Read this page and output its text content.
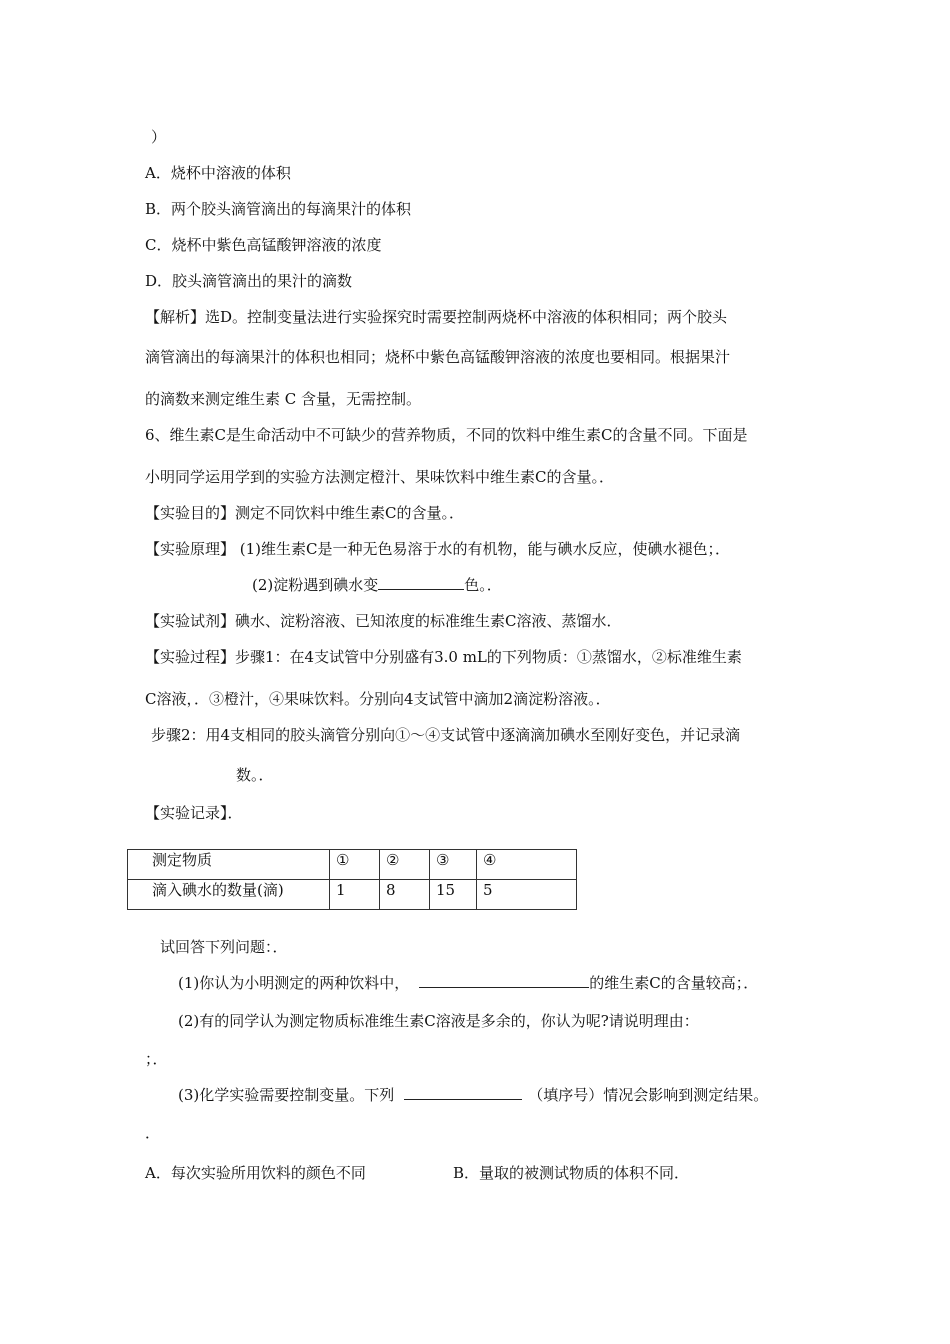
）
A．烧杯中溶液的体积
B．两个胶头滴管滴出的每滴果汁的体积
C．烧杯中紫色高锰酸钾溶液的浓度
D．胶头滴管滴出的果汁的滴数
【解析】选D。控制变量法进行实验探究时需要控制两烧杯中溶液的体积相同；两个胶头
滴管滴出的每滴果汁的体积也相同；烧杯中紫色高锰酸钾溶液的浓度也要相同。根据果汁
的滴数来测定维生素 C 含量，无需控制。
6、维生素C是生命活动中不可缺少的营养物质，不同的饮料中维生素C的含量不同。下面是
小明同学运用学到的实验方法测定橙汁、果味饮料中维生素C的含量。．
【实验目的】测定不同饮料中维生素C的含量。．
【实验原理】 (1)维生素C是一种无色易溶于水的有机物，能与碘水反应，使碘水褪色；．
(2)淀粉遇到碘水变	色。．
【实验试剂】碘水、淀粉溶液、已知浓度的标准维生素C溶液、蒸馏水．
【实验过程】步骤1：在4支试管中分别盛有3.0 mL的下列物质：①蒸馏水，②标准维生素
C溶液，．③橙汁，④果味饮料。分别向4支试管中滴加2滴淀粉溶液。．
步骤2：用4支相同的胶头滴管分别向①～④支试管中逐滴滴加碘水至刚好变色，并记录滴
数。．
【实验记录】．
测定物质	①	②	③	④
滴入碘水的数量(滴)	1	8	15	5
试回答下列问题：．
(1)你认为小明测定的两种饮料中，	的维生素C的含量较高；．
(2)有的同学认为测定物质标准维生素C溶液是多余的，你认为呢?请说明理由：
；．
(3)化学实验需要控制变量。下列	（填序号）情况会影响到测定结果。
．
A．每次实验所用饮料的颜色不同	B．量取的被测试物质的体积不同．
